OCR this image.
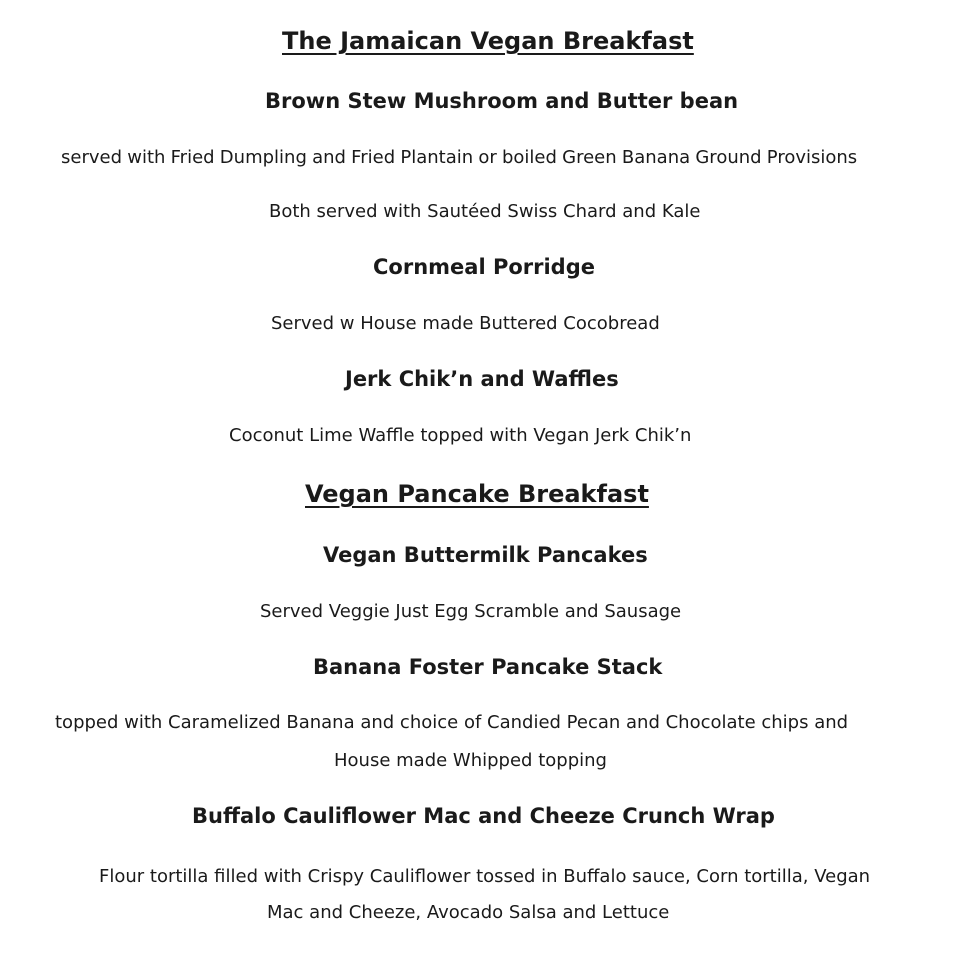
The Jamaican Vegan Breakfast
Brown Stew Mushroom and Butter bean
served with Fried Dumpling and Fried Plantain or boiled Green Banana Ground Provisions
Both served with Sautéed Swiss Chard and Kale
Cornmeal Porridge
Served w House made Buttered Cocobread
Jerk Chik’n and Waffles
Coconut Lime Waffle topped with Vegan Jerk Chik’n
Vegan Pancake Breakfast
Vegan Buttermilk Pancakes
Served Veggie Just Egg Scramble and Sausage
Banana Foster Pancake Stack
topped with Caramelized Banana and choice of Candied Pecan and Chocolate chips and
House made Whipped topping
Buffalo Cauliflower Mac and Cheeze Crunch Wrap
Flour tortilla filled with Crispy Cauliflower tossed in Buffalo sauce, Corn tortilla, Vegan
Mac and Cheeze, Avocado Salsa and Lettuce
